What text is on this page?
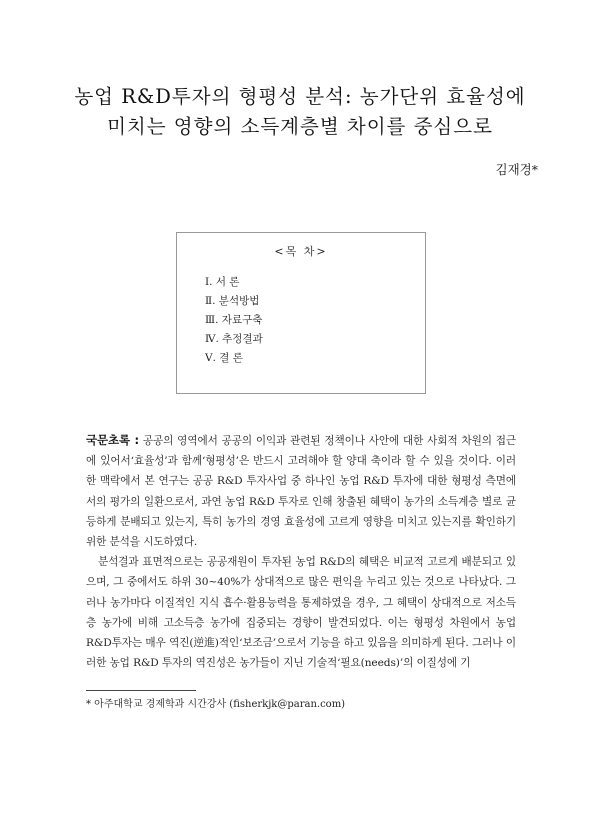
농업 R&D투자의 형평성 분석: 농가단위 효율성에
미치는 영향의 소득계층별 차이를 중심으로
김재경*
<목 차>
Ⅰ. 서 론
Ⅱ. 분석방법
Ⅲ. 자료구축
Ⅳ. 추정결과
Ⅴ. 결 론

국문초록 : 공공의 영역에서 공공의 이익과 관련된 정책이나 사안에 대한 사회적 차원의 접근에 있어서‘효율성’과 함께‘형평성’은 반드시 고려해야 할 양대 축이라 할 수 있을 것이다. 이러한 맥락에서 본 연구는 공공 R&D 투자사업 중 하나인 농업 R&D 투자에 대한 형평성 측면에서의 평가의 일환으로서, 과연 농업 R&D 투자로 인해 창출된 혜택이 농가의 소득계층 별로 균등하게 분배되고 있는지, 특히 농가의 경영 효율성에 고르게 영향을 미치고 있는지를 확인하기 위한 분석을 시도하였다.

분석결과 표면적으로는 공공재원이 투자된 농업 R&D의 혜택은 비교적 고르게 배분되고 있으며, 그 중에서도 하위 30~40%가 상대적으로 많은 편익을 누리고 있는 것으로 나타났다. 그러나 농가마다 이질적인 지식 흡수·활용능력을 통제하였을 경우, 그 혜택이 상대적으로 저소득층 농가에 비해 고소득층 농가에 집중되는 경향이 발견되었다. 이는 형평성 차원에서 농업 R&D투자는 매우 역진(逆進)적인‘보조금’으로서 기능을 하고 있음을 의미하게 된다. 그러나 이러한 농업 R&D 투자의 역진성은 농가들이 지닌 기술적‘필요(needs)’의 이질성에 기

* 아주대학교 경제학과 시간강사 (fisherkjk@paran.com)
